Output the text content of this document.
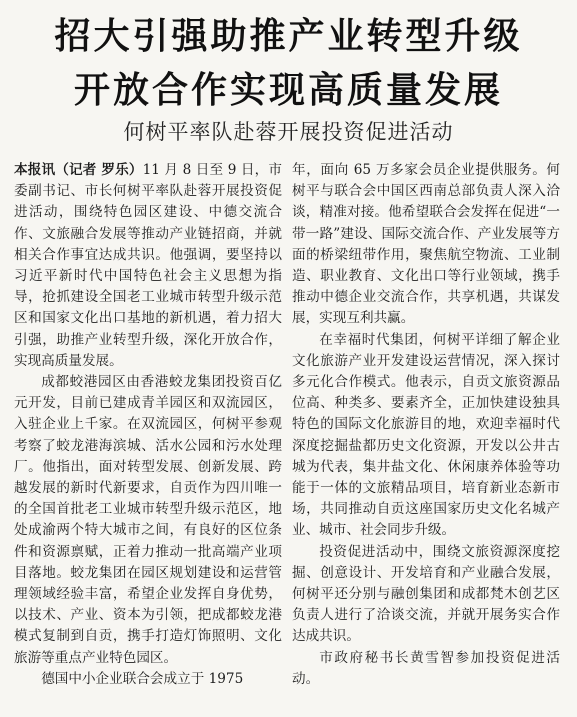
招大引强助推产业转型升级
开放合作实现高质量发展
何树平率队赴蓉开展投资促进活动

本报讯（记者 罗乐）11 月 8 日至 9 日，市委副书记、市长何树平率队赴蓉开展投资促进活动，围绕特色园区建设、中德交流合作、文旅融合发展等推动产业链招商，并就相关合作事宜达成共识。他强调，要坚持以习近平新时代中国特色社会主义思想为指导，抢抓建设全国老工业城市转型升级示范区和国家文化出口基地的新机遇，着力招大引强，助推产业转型升级，深化开放合作，实现高质量发展。

成都蛟港园区由香港蛟龙集团投资百亿元开发，目前已建成青羊园区和双流园区，入驻企业上千家。在双流园区，何树平参观考察了蛟龙港海滨城、活水公园和污水处理厂。他指出，面对转型发展、创新发展、跨越发展的新时代新要求，自贡作为四川唯一的全国首批老工业城市转型升级示范区，地处成渝两个特大城市之间，有良好的区位条件和资源禀赋，正着力推动一批高端产业项目落地。蛟龙集团在园区规划建设和运营管理领域经验丰富，希望企业发挥自身优势，以技术、产业、资本为引领，把成都蛟龙港模式复制到自贡，携手打造灯饰照明、文化旅游等重点产业特色园区。

德国中小企业联合会成立于 1975

年，面向 65 万多家会员企业提供服务。何树平与联合会中国区西南总部负责人深入洽谈，精准对接。他希望联合会发挥在促进“一带一路”建设、国际交流合作、产业发展等方面的桥梁纽带作用，聚焦航空物流、工业制造、职业教育、文化出口等行业领域，携手推动中德企业交流合作，共享机遇，共谋发展，实现互利共赢。

在幸福时代集团，何树平详细了解企业文化旅游产业开发建设运营情况，深入探讨多元化合作模式。他表示，自贡文旅资源品位高、种类多、要素齐全，正加快建设独具特色的国际文化旅游目的地，欢迎幸福时代深度挖掘盐都历史文化资源，开发以公井古城为代表，集井盐文化、休闲康养体验等功能于一体的文旅精品项目，培育新业态新市场，共同推动自贡这座国家历史文化名城产业、城市、社会同步升级。

投资促进活动中，围绕文旅资源深度挖掘、创意设计、开发培育和产业融合发展，何树平还分别与融创集团和成都梵木创艺区负责人进行了洽谈交流，并就开展务实合作达成共识。

市政府秘书长黄雪智参加投资促进活动。
